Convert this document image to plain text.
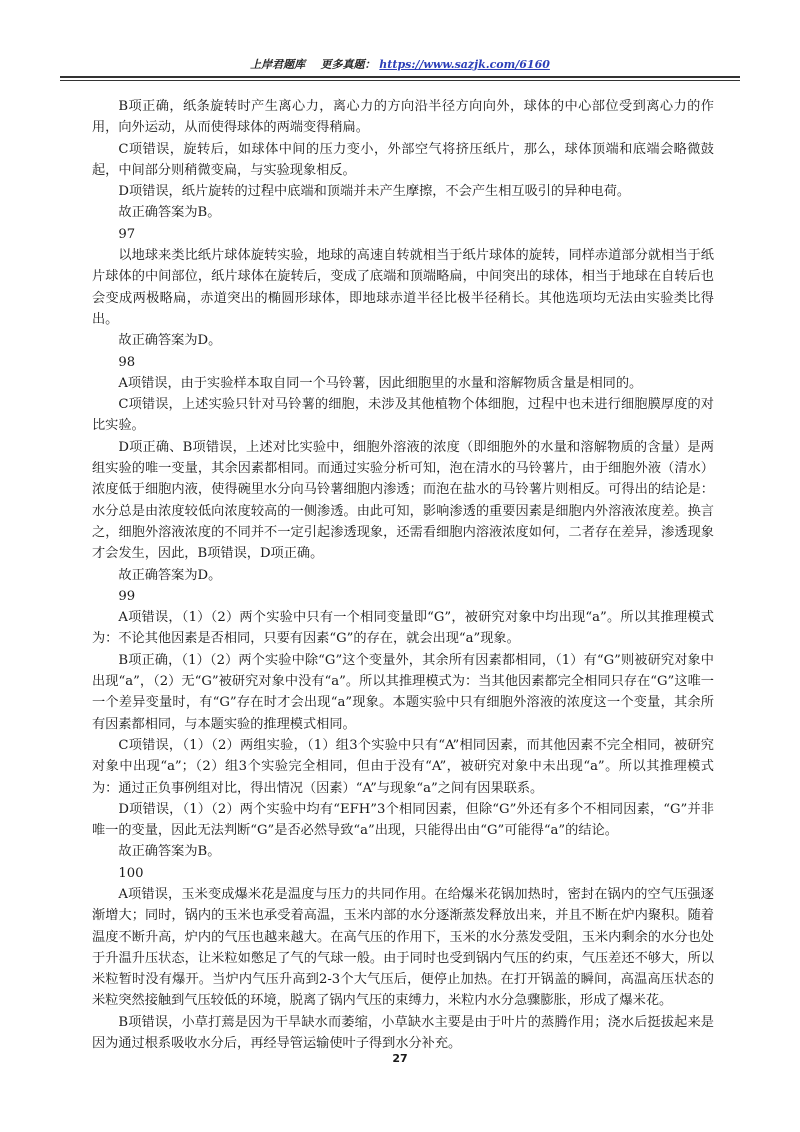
上岸君题库 更多真题： https://www.sazjk.com/6160

B项正确，纸条旋转时产生离心力，离心力的方向沿半径方向向外，球体的中心部位受到离心力的作用，向外运动，从而使得球体的两端变得稍扁。

C项错误，旋转后，如球体中间的压力变小，外部空气将挤压纸片，那么，球体顶端和底端会略微鼓起，中间部分则稍微变扁，与实验现象相反。

D项错误，纸片旋转的过程中底端和顶端并未产生摩擦，不会产生相互吸引的异种电荷。

故正确答案为B。

97

以地球来类比纸片球体旋转实验，地球的高速自转就相当于纸片球体的旋转，同样赤道部分就相当于纸片球体的中间部位，纸片球体在旋转后，变成了底端和顶端略扁，中间突出的球体，相当于地球在自转后也会变成两极略扁，赤道突出的椭圆形球体，即地球赤道半径比极半径稍长。其他选项均无法由实验类比得出。

故正确答案为D。

98

A项错误，由于实验样本取自同一个马铃薯，因此细胞里的水量和溶解物质含量是相同的。

C项错误，上述实验只针对马铃薯的细胞，未涉及其他植物个体细胞，过程中也未进行细胞膜厚度的对比实验。

D项正确、B项错误，上述对比实验中，细胞外溶液的浓度（即细胞外的水量和溶解物质的含量）是两组实验的唯一变量，其余因素都相同。而通过实验分析可知，泡在清水的马铃薯片，由于细胞外液（清水）浓度低于细胞内液，使得碗里水分向马铃薯细胞内渗透；而泡在盐水的马铃薯片则相反。可得出的结论是：水分总是由浓度较低向浓度较高的一侧渗透。由此可知，影响渗透的重要因素是细胞内外溶液浓度差。换言之，细胞外溶液浓度的不同并不一定引起渗透现象，还需看细胞内溶液浓度如何，二者存在差异，渗透现象才会发生，因此，B项错误，D项正确。

故正确答案为D。

99

A项错误，（1）（2）两个实验中只有一个相同变量即“G”，被研究对象中均出现“a”。所以其推理模式为：不论其他因素是否相同，只要有因素“G”的存在，就会出现“a”现象。

B项正确，（1）（2）两个实验中除“G”这个变量外，其余所有因素都相同，（1）有“G”则被研究对象中出现“a”，（2）无“G”被研究对象中没有“a”。所以其推理模式为：当其他因素都完全相同只存在“G”这唯一一个差异变量时，有“G”存在时才会出现“a”现象。本题实验中只有细胞外溶液的浓度这一个变量，其余所有因素都相同，与本题实验的推理模式相同。

C项错误，（1）（2）两组实验，（1）组3个实验中只有“A”相同因素，而其他因素不完全相同，被研究对象中出现“a”；（2）组3个实验完全相同，但由于没有“A”，被研究对象中未出现“a”。所以其推理模式为：通过正负事例组对比，得出情况（因素）“A”与现象“a”之间有因果联系。

D项错误，（1）（2）两个实验中均有“EFH”3个相同因素，但除“G”外还有多个不相同因素，“G”并非唯一的变量，因此无法判断“G”是否必然导致“a”出现，只能得出由“G”可能得“a”的结论。

故正确答案为B。

100

A项错误，玉米变成爆米花是温度与压力的共同作用。在给爆米花锅加热时，密封在锅内的空气压强逐渐增大；同时，锅内的玉米也承受着高温，玉米内部的水分逐渐蒸发释放出来，并且不断在炉内聚积。随着温度不断升高，炉内的气压也越来越大。在高气压的作用下，玉米的水分蒸发受阻，玉米内剩余的水分也处于升温升压状态，让米粒如憋足了气的气球一般。由于同时也受到锅内气压的约束，气压差还不够大，所以米粒暂时没有爆开。当炉内气压升高到2-3个大气压后，便停止加热。在打开锅盖的瞬间，高温高压状态的米粒突然接触到气压较低的环境，脱离了锅内气压的束缚力，米粒内水分急骤膨胀，形成了爆米花。

B项错误，小草打蔫是因为干旱缺水而萎缩，小草缺水主要是由于叶片的蒸腾作用；浇水后挺拔起来是因为通过根系吸收水分后，再经导管运输使叶子得到水分补充。

27
